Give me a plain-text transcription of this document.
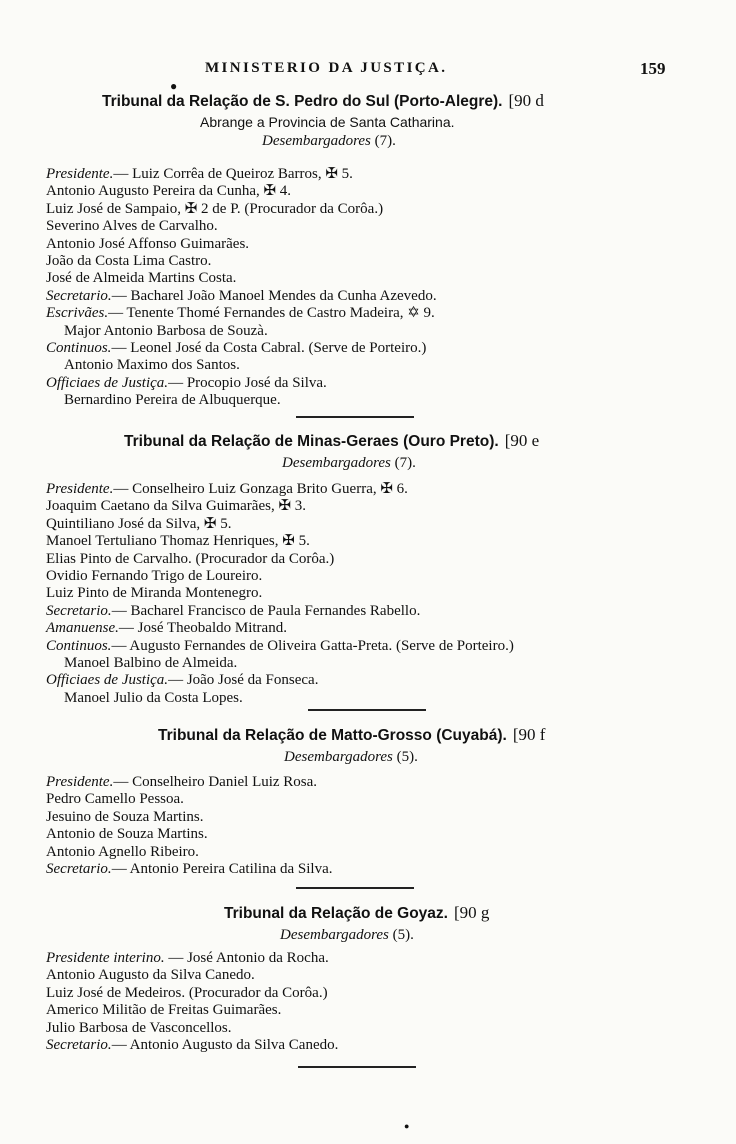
MINISTERIO DA JUSTIÇA.	159
●
Tribunal da Relação de S. Pedro do Sul (Porto-Alegre). [90 d
Abrange a Provincia de Santa Catharina.
Desembargadores (7).
Presidente.— Luiz Corrêa de Queiroz Barros, ✠ 5.
Antonio Augusto Pereira da Cunha, ✠ 4.
Luiz José de Sampaio, ✠ 2 de P. (Procurador da Corôa.)
Severino Alves de Carvalho.
Antonio José Affonso Guimarães.
João da Costa Lima Castro.
José de Almeida Martins Costa.
Secretario.— Bacharel João Manoel Mendes da Cunha Azevedo.
Escrivães.— Tenente Thomé Fernandes de Castro Madeira, ✡ 9.
Major Antonio Barbosa de Souzà.
Continuos.— Leonel José da Costa Cabral. (Serve de Porteiro.)
Antonio Maximo dos Santos.
Officiaes de Justiça.— Procopio José da Silva.
Bernardino Pereira de Albuquerque.
Tribunal da Relação de Minas-Geraes (Ouro Preto). [90 e
Desembargadores (7).
Presidente.— Conselheiro Luiz Gonzaga Brito Guerra, ✠ 6.
Joaquim Caetano da Silva Guimarães, ✠ 3.
Quintiliano José da Silva, ✠ 5.
Manoel Tertuliano Thomaz Henriques, ✠ 5.
Elias Pinto de Carvalho. (Procurador da Corôa.)
Ovidio Fernando Trigo de Loureiro.
Luiz Pinto de Miranda Montenegro.
Secretario.— Bacharel Francisco de Paula Fernandes Rabello.
Amanuense.— José Theobaldo Mitrand.
Continuos.— Augusto Fernandes de Oliveira Gatta-Preta. (Serve de Porteiro.)
Manoel Balbino de Almeida.
Officiaes de Justiça.— João José da Fonseca.
Manoel Julio da Costa Lopes.
Tribunal da Relação de Matto-Grosso (Cuyabá). [90 f
Desembargadores (5).
Presidente.— Conselheiro Daniel Luiz Rosa.
Pedro Camello Pessoa.
Jesuino de Souza Martins.
Antonio de Souza Martins.
Antonio Agnello Ribeiro.
Secretario.— Antonio Pereira Catilina da Silva.
Tribunal da Relação de Goyaz. [90 g
Desembargadores (5).
Presidente interino. — José Antonio da Rocha.
Antonio Augusto da Silva Canedo.
Luiz José de Medeiros. (Procurador da Corôa.)
Americo Militão de Freitas Guimarães.
Julio Barbosa de Vasconcellos.
Secretario.— Antonio Augusto da Silva Canedo.
●
